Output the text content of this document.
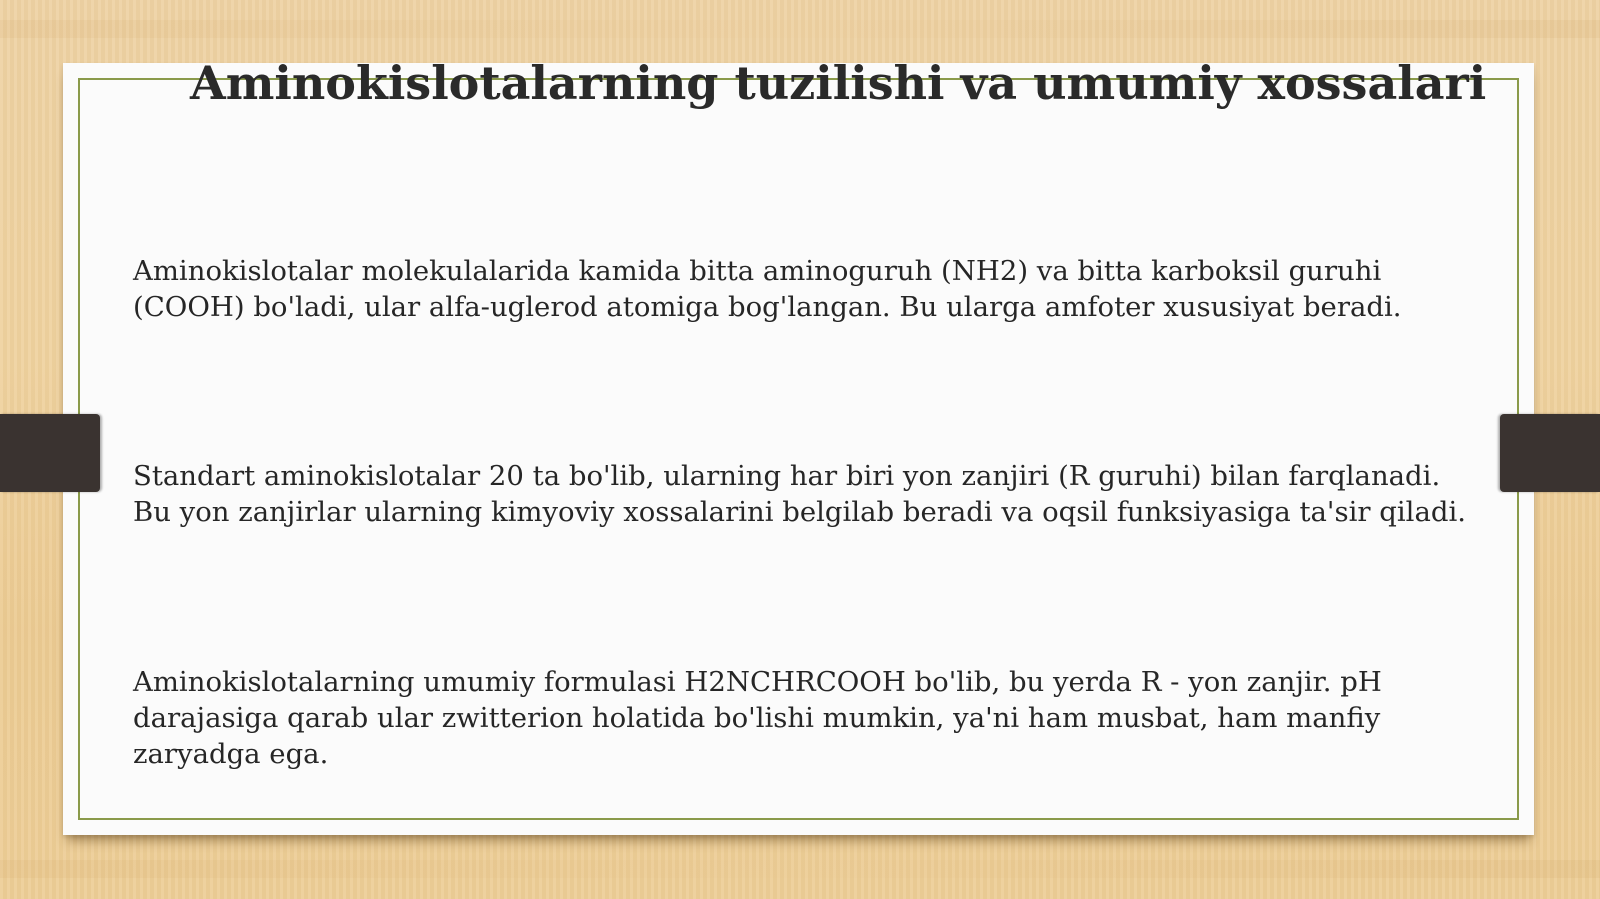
Aminokislotalarning tuzilishi va umumiy xossalari

Aminokislotalar molekulalarida kamida bitta aminoguruh (NH2) va bitta karboksil guruhi (COOH) bo'ladi, ular alfa-uglerod atomiga bog'langan. Bu ularga amfoter xususiyat beradi.

Standart aminokislotalar 20 ta bo'lib, ularning har biri yon zanjiri (R guruhi) bilan farqlanadi. Bu yon zanjirlar ularning kimyoviy xossalarini belgilab beradi va oqsil funksiyasiga ta'sir qiladi.

Aminokislotalarning umumiy formulasi H2NCHRCOOH bo'lib, bu yerda R - yon zanjir. pH darajasiga qarab ular zwitterion holatida bo'lishi mumkin, ya'ni ham musbat, ham manfiy zaryadga ega.
